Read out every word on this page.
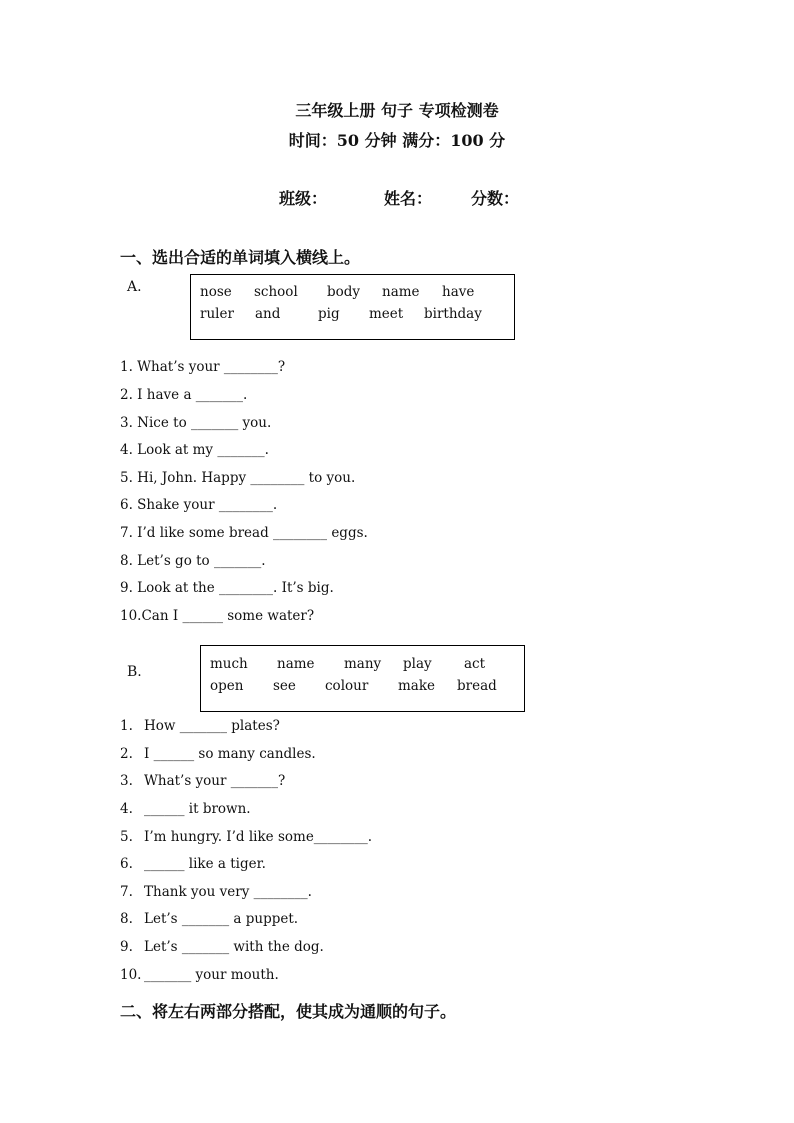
三年级上册 句子 专项检测卷
时间：50 分钟 满分：100 分
班级：	姓名： 分数：
一、选出合适的单词填入横线上。
A.	nose school body name have
ruler and	pig meet birthday
1. What’s your ________?
2. I have a _______.
3. Nice to _______ you.
4. Look at my _______.
5. Hi, John. Happy ________ to you.
6. Shake your ________.
7. I’d like some bread ________ eggs.
8. Let’s go to _______.
9. Look at the ________. It’s big.
10.Can I ______ some water?
B.	much name many play act
open see colour make bread
1. How _______ plates?
2. I ______ so many candles.
3. What’s your _______?
4. ______ it brown.
5. I’m hungry. I’d like some________.
6. ______ like a tiger.
7. Thank you very ________.
8. Let’s _______ a puppet.
9. Let’s _______ with the dog.
10. _______ your mouth.
二、将左右两部分搭配，使其成为通顺的句子。
